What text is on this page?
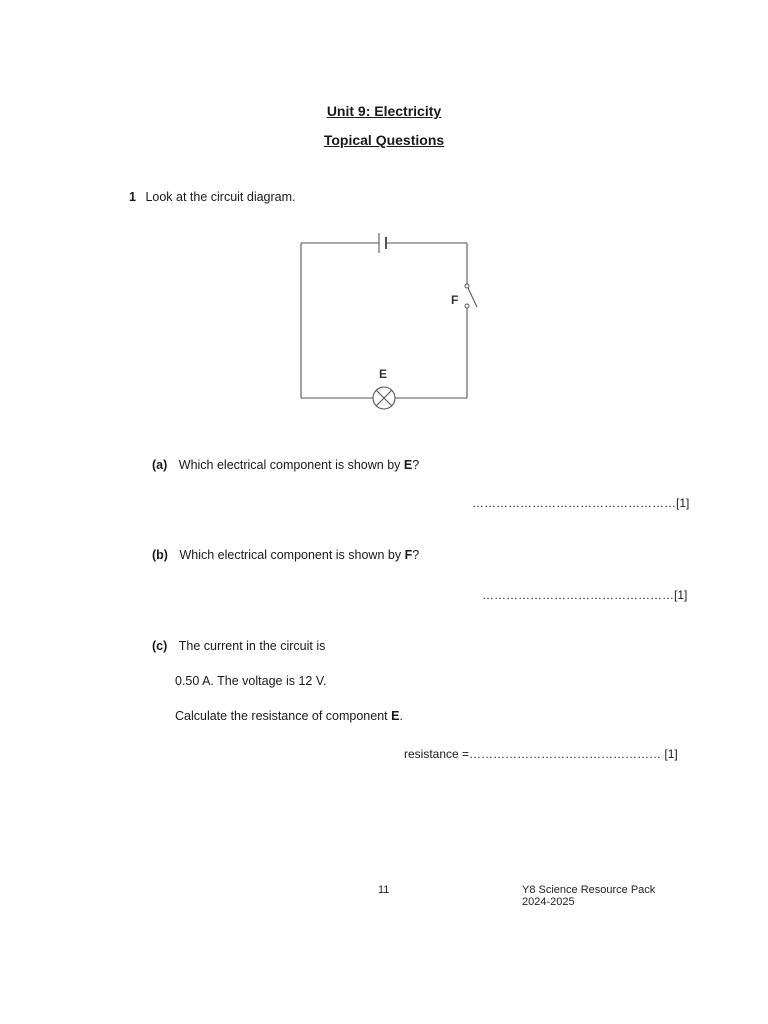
Unit 9: Electricity
Topical Questions
1 Look at the circuit diagram.
F
E
(a) Which electrical component is shown by E?
……………………………………………[1]
(b) Which electrical component is shown by F?
…………………………………………[1]
(c) The current in the circuit is
0.50 A. The voltage is 12 V.
Calculate the resistance of component E.
resistance =………………………………………… [1]
11	Y8 Science Resource Pack
2024-2025
